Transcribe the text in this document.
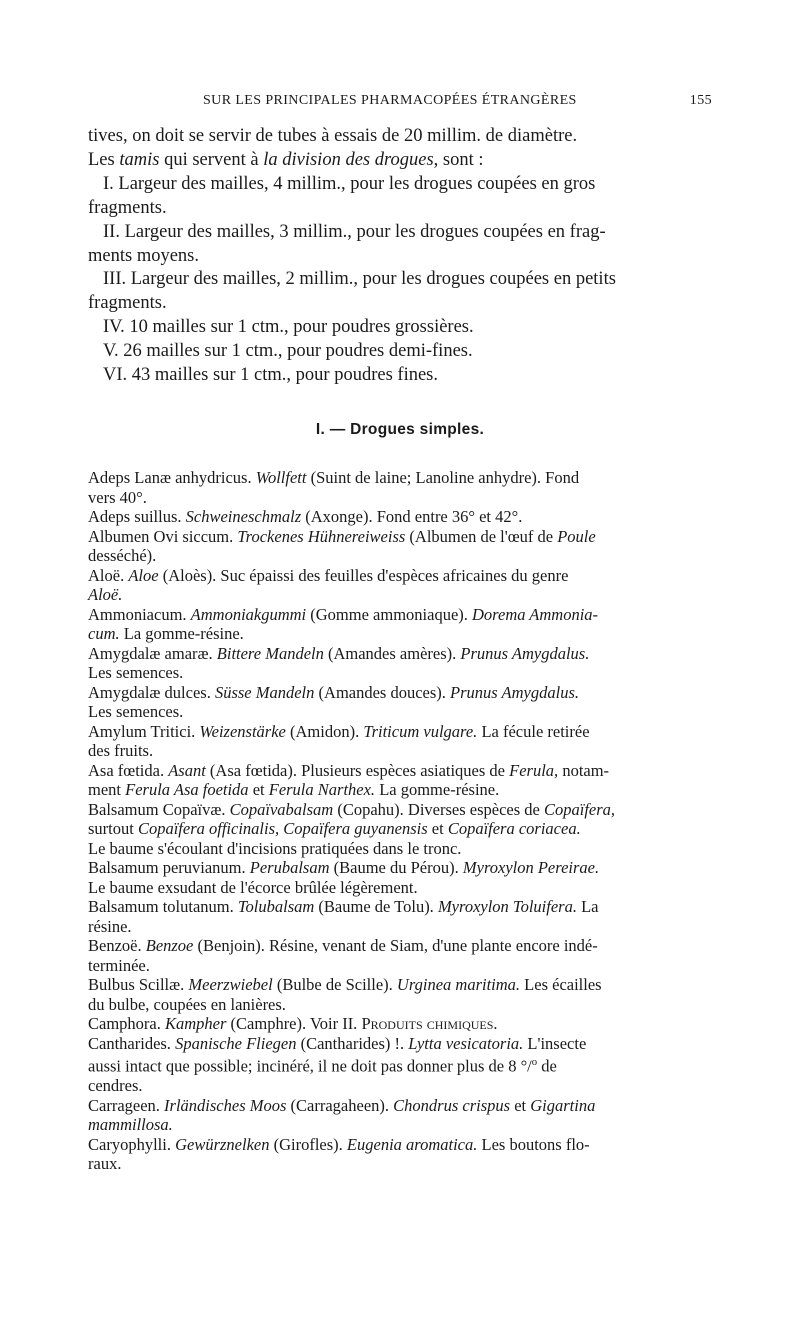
SUR LES PRINCIPALES PHARMACOPÉES ÉTRANGÈRES	155

tives, on doit se servir de tubes à essais de 20 millim. de diamètre.

Les tamis qui servent à la division des drogues, sont :

I. Largeur des mailles, 4 millim., pour les drogues coupées en gros

fragments.

II. Largeur des mailles, 3 millim., pour les drogues coupées en frag-

ments moyens.

III. Largeur des mailles, 2 millim., pour les drogues coupées en petits

fragments.

IV. 10 mailles sur 1 ctm., pour poudres grossières.

V. 26 mailles sur 1 ctm., pour poudres demi-fines.

VI. 43 mailles sur 1 ctm., pour poudres fines.

I. — Drogues simples.

Adeps Lanæ anhydricus. Wollfett (Suint de laine; Lanoline anhydre). Fond
vers 40°.

Adeps suillus. Schweineschmalz (Axonge). Fond entre 36° et 42°.

Albumen Ovi siccum. Trockenes Hühnereiweiss (Albumen de l'œuf de Poule
desséché).

Aloë. Aloe (Aloès). Suc épaissi des feuilles d'espèces africaines du genre
Aloë.

Ammoniacum. Ammoniakgummi (Gomme ammoniaque). Dorema Ammonia-
cum. La gomme-résine.

Amygdalæ amaræ. Bittere Mandeln (Amandes amères). Prunus Amygdalus.
Les semences.

Amygdalæ dulces. Süsse Mandeln (Amandes douces). Prunus Amygdalus.
Les semences.

Amylum Tritici. Weizenstärke (Amidon). Triticum vulgare. La fécule retirée
des fruits.

Asa fœtida. Asant (Asa fœtida). Plusieurs espèces asiatiques de Ferula, notam-
ment Ferula Asa foetida et Ferula Narthex. La gomme-résine.

Balsamum Copaïvæ. Copaïvabalsam (Copahu). Diverses espèces de Copaïfera,
surtout Copaïfera officinalis, Copaïfera guyanensis et Copaïfera coriacea.
Le baume s'écoulant d'incisions pratiquées dans le tronc.

Balsamum peruvianum. Perubalsam (Baume du Pérou). Myroxylon Pereirae.
Le baume exsudant de l'écorce brûlée légèrement.

Balsamum tolutanum. Tolubalsam (Baume de Tolu). Myroxylon Toluifera. La
résine.

Benzoë. Benzoe (Benjoin). Résine, venant de Siam, d'une plante encore indé-
terminée.

Bulbus Scillæ. Meerzwiebel (Bulbe de Scille). Urginea maritima. Les écailles
du bulbe, coupées en lanières.

Camphora. Kampher (Camphre). Voir II. Produits chimiques.

Cantharides. Spanische Fliegen (Cantharides) !. Lytta vesicatoria. L'insecte
aussi intact que possible; incinéré, il ne doit pas donner plus de 8 °/$^o$ de
cendres.

Carrageen. Irländisches Moos (Carragaheen). Chondrus crispus et Gigartina
mammillosa.

Caryophylli. Gewürznelken (Girofles). Eugenia aromatica. Les boutons flo-
raux.
